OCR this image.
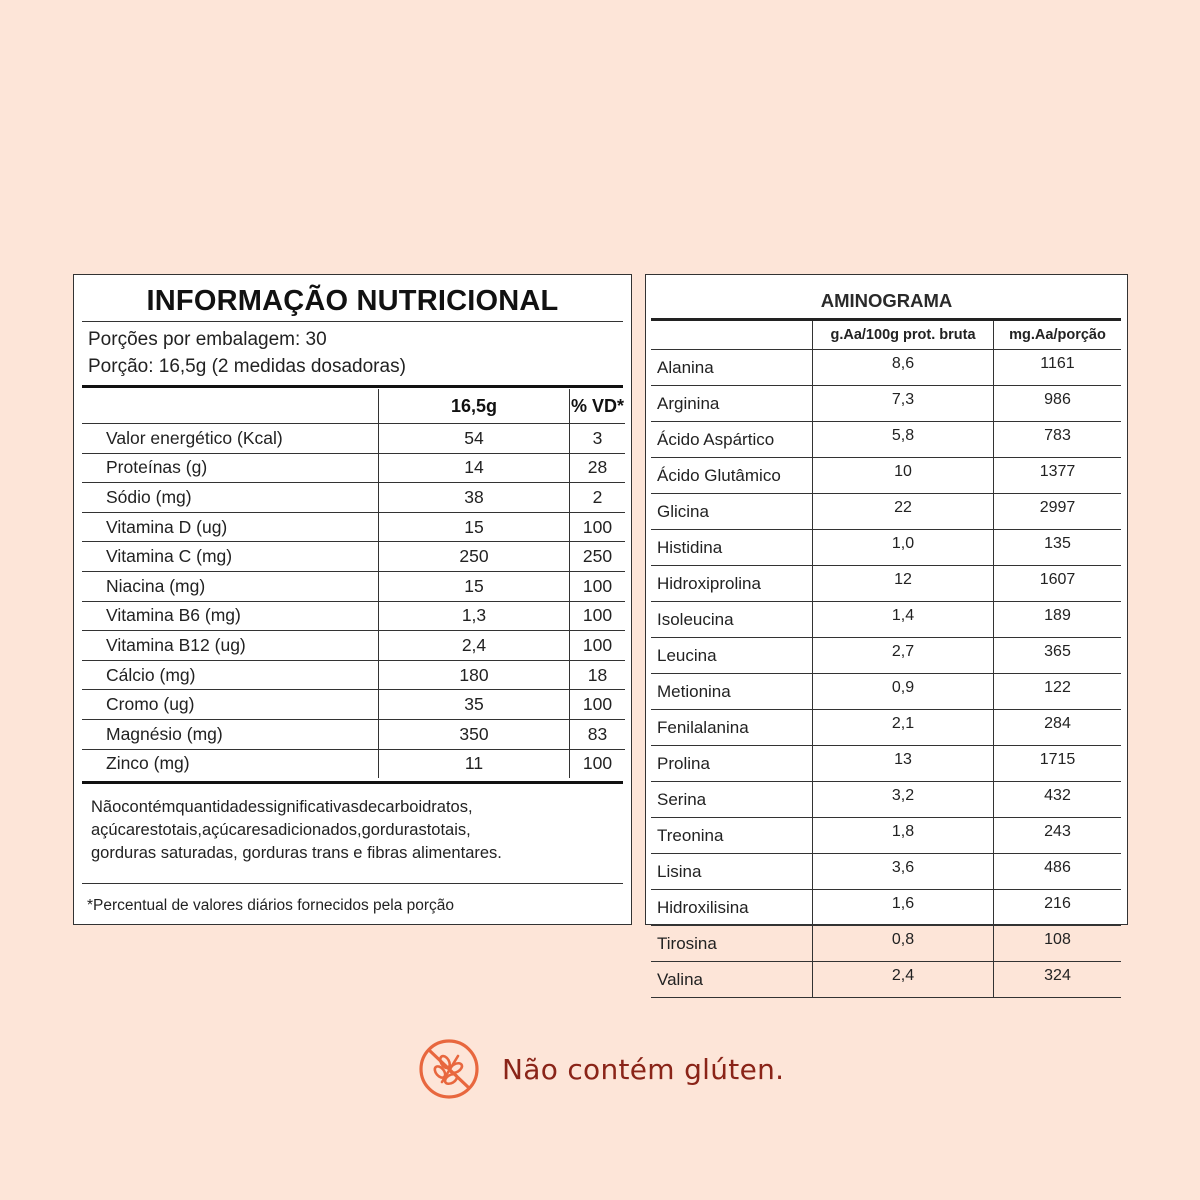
INFORMAÇÃO NUTRICIONAL
Porções por embalagem: 30
Porção: 16,5g (2 medidas dosadoras)
	16,5g	% VD*
Valor energético (Kcal)	54	3
Proteínas (g)	14	28
Sódio (mg)	38	2
Vitamina D (ug)	15	100
Vitamina C (mg)	250	250
Niacina (mg)	15	100
Vitamina B6 (mg)	1,3	100
Vitamina B12 (ug)	2,4	100
Cálcio (mg)	180	18
Cromo (ug)	35	100
Magnésio (mg)	350	83
Zinco (mg)	11	100

Nãocontémquantidadessignificativasdecarboidratos,

açúcarestotais,açúcaresadicionados,gordurastotais,

gorduras saturadas, gorduras trans e fibras alimentares.

*Percentual de valores diários fornecidos pela porção
AMINOGRAMA
	g.Aa/100g prot. bruta	mg.Aa/porção
Alanina	8,6	1161
Arginina	7,3	986
Ácido Aspártico	5,8	783
Ácido Glutâmico	10	1377
Glicina	22	2997
Histidina	1,0	135
Hidroxiprolina	12	1607
Isoleucina	1,4	189
Leucina	2,7	365
Metionina	0,9	122
Fenilalanina	2,1	284
Prolina	13	1715
Serina	3,2	432
Treonina	1,8	243
Lisina	3,6	486
Hidroxilisina	1,6	216
Tirosina	0,8	108
Valina	2,4	324
Não contém glúten.
